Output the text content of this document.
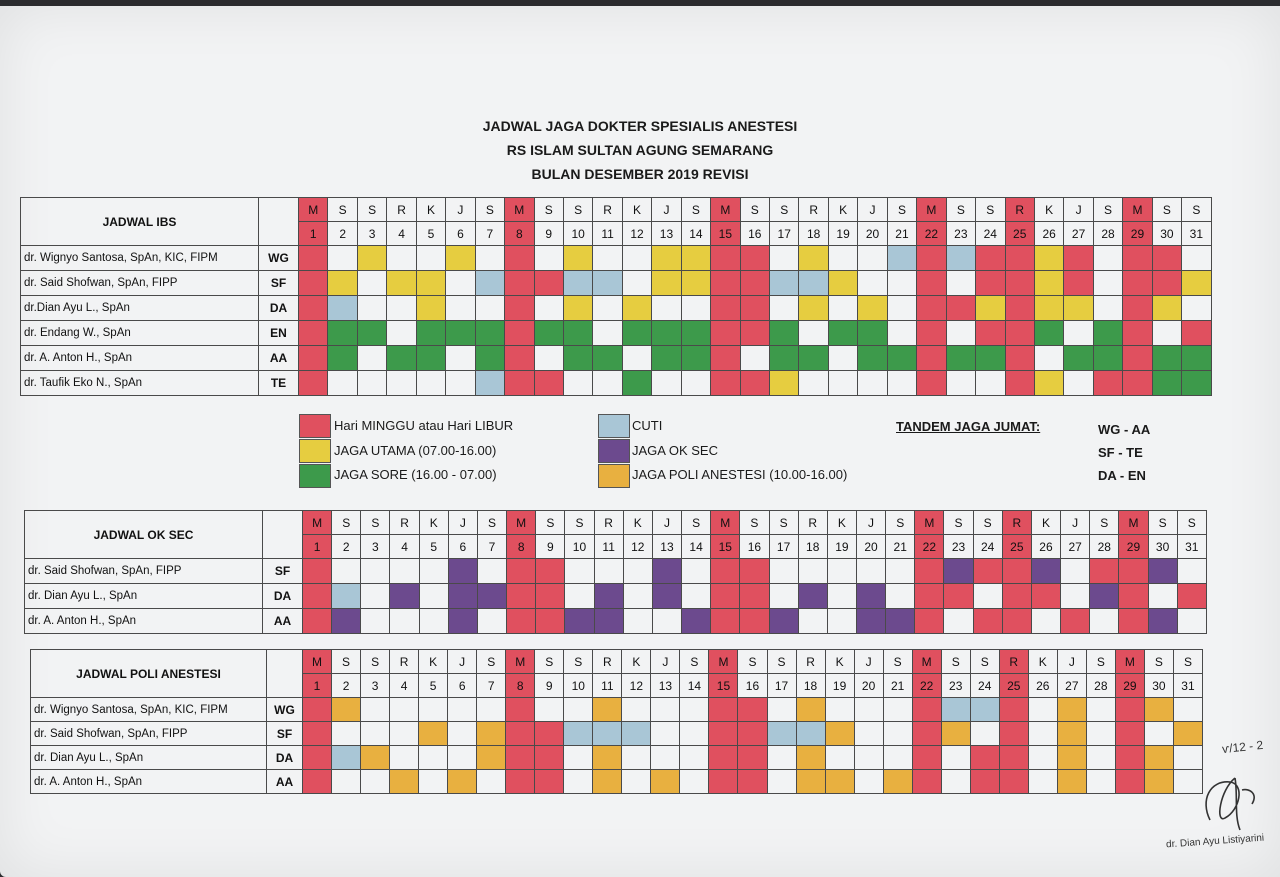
JADWAL JAGA DOKTER SPESIALIS ANESTESI
RS ISLAM SULTAN AGUNG SEMARANG
BULAN DESEMBER 2019 REVISI
JADWAL IBS		M	S	S	R	K	J	S	M	S	S	R	K	J	S	M	S	S	R	K	J	S	M	S	S	R	K	J	S	M	S	S
		1	2	3	4	5	6	7	8	9	10	11	12	13	14	15	16	17	18	19	20	21	22	23	24	25	26	27	28	29	30	31
dr. Wignyo Santosa, SpAn, KIC, FIPM	WG																															
dr. Said Shofwan, SpAn, FIPP	SF																															
dr.Dian Ayu L., SpAn	DA																															
dr. Endang W., SpAn	EN																															
dr. A. Anton H., SpAn	AA																															
dr. Taufik Eko N., SpAn	TE																															
Hari MINGGU atau Hari LIBUR
JAGA UTAMA (07.00-16.00)
JAGA SORE (16.00 - 07.00)
CUTI
JAGA OK SEC
JAGA POLI ANESTESI (10.00-16.00)
TANDEM JAGA JUMAT:	WG - AA
SF - TE
DA - EN
JADWAL OK SEC		M	S	S	R	K	J	S	M	S	S	R	K	J	S	M	S	S	R	K	J	S	M	S	S	R	K	J	S	M	S	S
		1	2	3	4	5	6	7	8	9	10	11	12	13	14	15	16	17	18	19	20	21	22	23	24	25	26	27	28	29	30	31
dr. Said Shofwan, SpAn, FIPP	SF																															
dr. Dian Ayu L., SpAn	DA																															
dr. A. Anton H., SpAn	AA																															
JADWAL POLI ANESTESI		M	S	S	R	K	J	S	M	S	S	R	K	J	S	M	S	S	R	K	J	S	M	S	S	R	K	J	S	M	S	S
		1	2	3	4	5	6	7	8	9	10	11	12	13	14	15	16	17	18	19	20	21	22	23	24	25	26	27	28	29	30	31
dr. Wignyo Santosa, SpAn, KIC, FIPM	WG																															
dr. Said Shofwan, SpAn, FIPP	SF																															
dr. Dian Ayu L., SpAn	DA																															
dr. A. Anton H., SpAn	AA																															
ⱱ/12 - 2
dr. Dian Ayu Listiyarini
